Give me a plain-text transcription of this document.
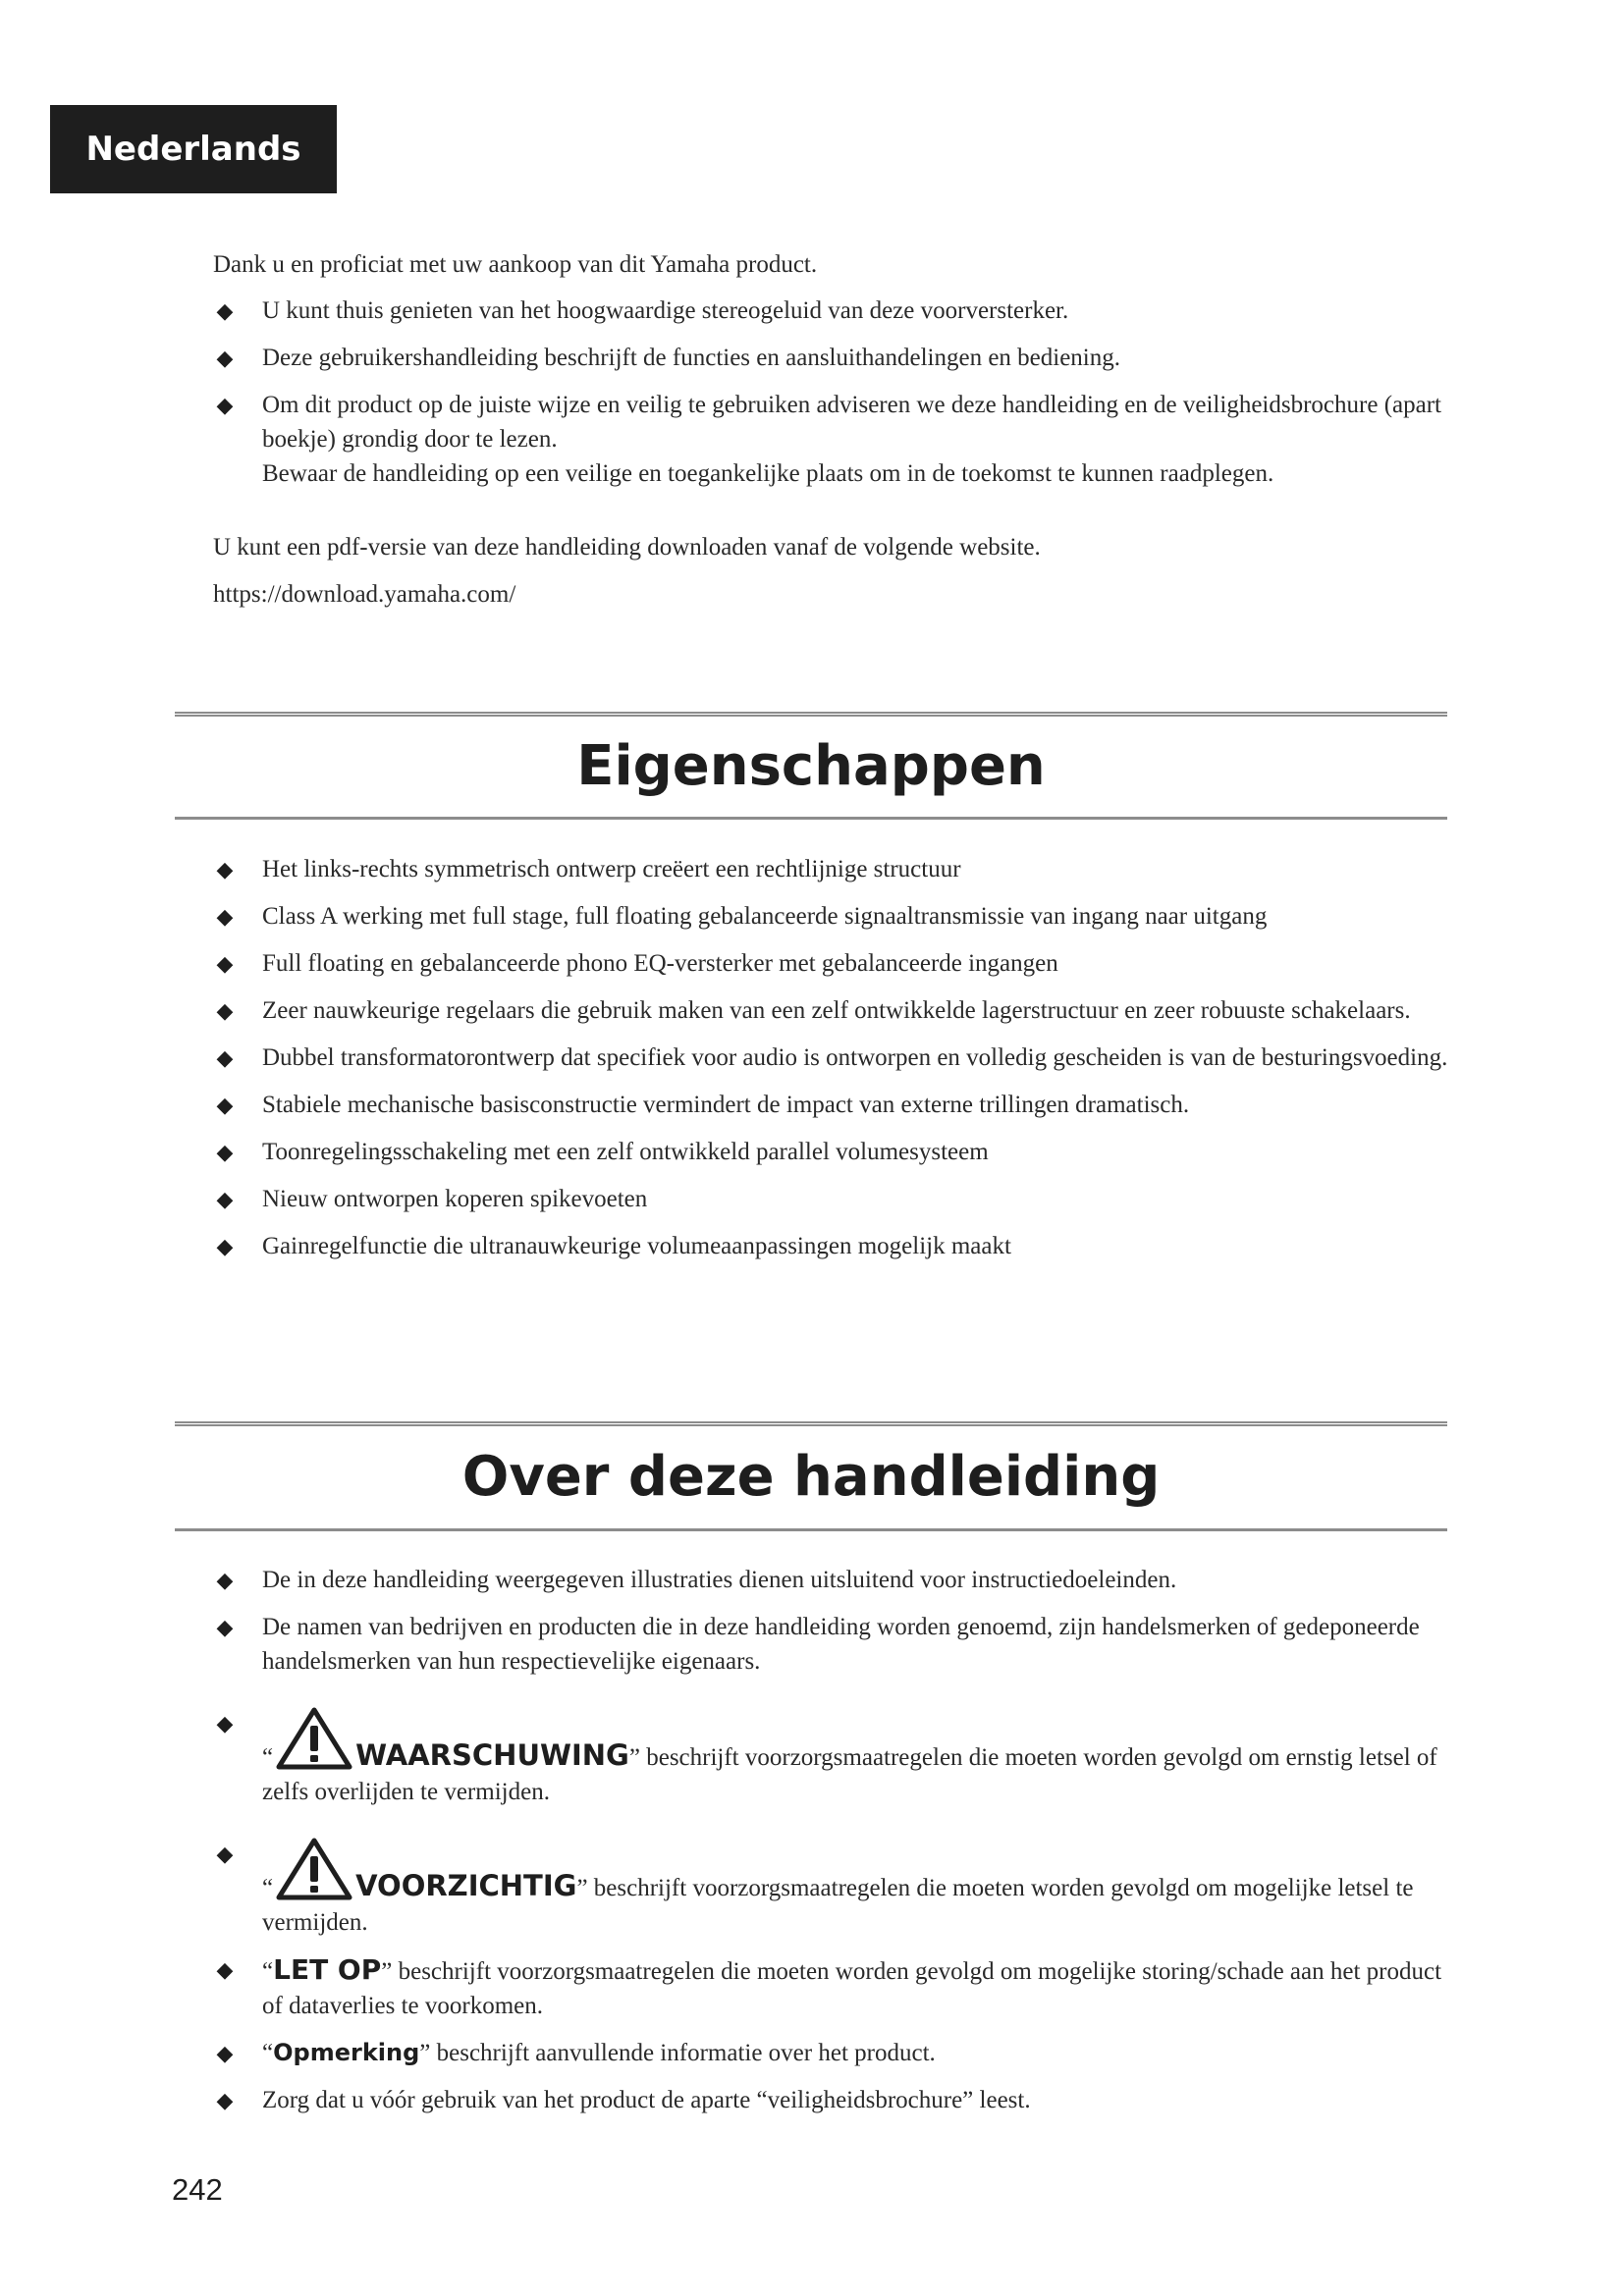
Nederlands

Dank u en proficiat met uw aankoop van dit Yamaha product.

◆ U kunt thuis genieten van het hoogwaardige stereogeluid van deze voorversterker.
◆ Deze gebruikershandleiding beschrijft de functies en aansluithandelingen en bediening.
◆ Om dit product op de juiste wijze en veilig te gebruiken adviseren we deze handleiding en de veiligheidsbrochure (apart boekje) grondig door te lezen.
Bewaar de handleiding op een veilige en toegankelijke plaats om in de toekomst te kunnen raadplegen.

U kunt een pdf-versie van deze handleiding downloaden vanaf de volgende website.

https://download.yamaha.com/

Eigenschappen
◆ Het links-rechts symmetrisch ontwerp creëert een rechtlijnige structuur
◆ Class A werking met full stage, full floating gebalanceerde signaaltransmissie van ingang naar uitgang
◆ Full floating en gebalanceerde phono EQ-versterker met gebalanceerde ingangen
◆ Zeer nauwkeurige regelaars die gebruik maken van een zelf ontwikkelde lagerstructuur en zeer robuuste schakelaars.
◆ Dubbel transformatorontwerp dat specifiek voor audio is ontworpen en volledig gescheiden is van de besturingsvoeding.
◆ Stabiele mechanische basisconstructie vermindert de impact van externe trillingen dramatisch.
◆ Toonregelingsschakeling met een zelf ontwikkeld parallel volumesysteem
◆ Nieuw ontworpen koperen spikevoeten
◆ Gainregelfunctie die ultranauwkeurige volumeaanpassingen mogelijk maakt
Over deze handleiding
◆ De in deze handleiding weergegeven illustraties dienen uitsluitend voor instructiedoeleinden.
◆ De namen van bedrijven en producten die in deze handleiding worden genoemd, zijn handelsmerken of gedeponeerde handelsmerken van hun respectievelijke eigenaars.
◆
“	WAARSCHUWING” beschrijft voorzorgsmaatregelen die moeten worden gevolgd om ernstig letsel of zelfs overlijden te vermijden.
◆
“	VOORZICHTIG” beschrijft voorzorgsmaatregelen die moeten worden gevolgd om mogelijke letsel te vermijden.
◆ “LET OP” beschrijft voorzorgsmaatregelen die moeten worden gevolgd om mogelijke storing/schade aan het product of dataverlies te voorkomen.
◆ “Opmerking” beschrijft aanvullende informatie over het product.
◆ Zorg dat u vóór gebruik van het product de aparte “veiligheidsbrochure” leest.
242
